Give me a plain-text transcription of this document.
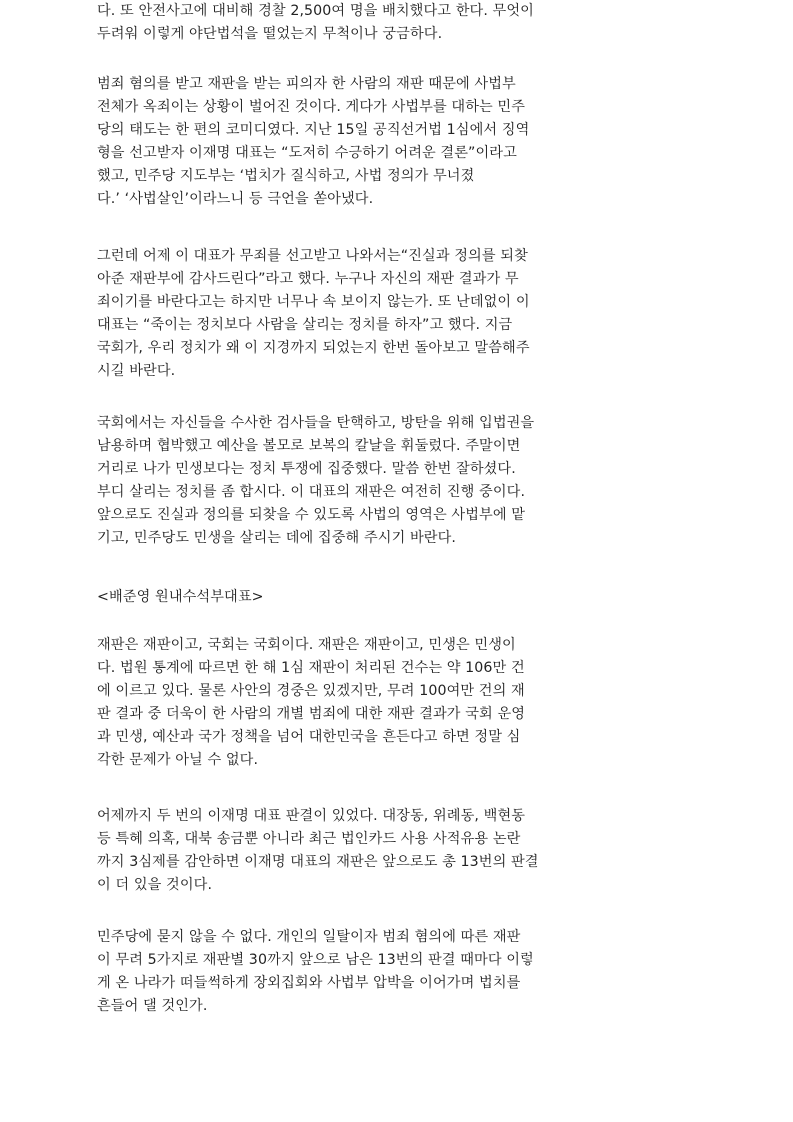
다. 또 안전사고에 대비해 경찰 2,500여 명을 배치했다고 한다. 무엇이
두려워 이렇게 야단법석을 떨었는지 무척이나 궁금하다.
범죄 혐의를 받고 재판을 받는 피의자 한 사람의 재판 때문에 사법부
전체가 옥죄이는 상황이 벌어진 것이다. 게다가 사법부를 대하는 민주
당의 태도는 한 편의 코미디였다. 지난 15일 공직선거법 1심에서 징역
형을 선고받자 이재명 대표는 “도저히 수긍하기 어려운 결론”이라고
했고, 민주당 지도부는 ‘법치가 질식하고, 사법 정의가 무너졌
다.’ ‘사법살인’이라느니 등 극언을 쏟아냈다.
그런데 어제 이 대표가 무죄를 선고받고 나와서는“진실과 정의를 되찾
아준 재판부에 감사드린다”라고 했다. 누구나 자신의 재판 결과가 무
죄이기를 바란다고는 하지만 너무나 속 보이지 않는가. 또 난데없이 이
대표는 “죽이는 정치보다 사람을 살리는 정치를 하자”고 했다. 지금
국회가, 우리 정치가 왜 이 지경까지 되었는지 한번 돌아보고 말씀해주
시길 바란다.
국회에서는 자신들을 수사한 검사들을 탄핵하고, 방탄을 위해 입법권을
남용하며 협박했고 예산을 볼모로 보복의 칼날을 휘둘렀다. 주말이면
거리로 나가 민생보다는 정치 투쟁에 집중했다. 말씀 한번 잘하셨다.
부디 살리는 정치를 좀 합시다. 이 대표의 재판은 여전히 진행 중이다.
앞으로도 진실과 정의를 되찾을 수 있도록 사법의 영역은 사법부에 맡
기고, 민주당도 민생을 살리는 데에 집중해 주시기 바란다.
<배준영 원내수석부대표>
재판은 재판이고, 국회는 국회이다. 재판은 재판이고, 민생은 민생이
다. 법원 통계에 따르면 한 해 1심 재판이 처리된 건수는 약 106만 건
에 이르고 있다. 물론 사안의 경중은 있겠지만, 무려 100여만 건의 재
판 결과 중 더욱이 한 사람의 개별 범죄에 대한 재판 결과가 국회 운영
과 민생, 예산과 국가 정책을 넘어 대한민국을 흔든다고 하면 정말 심
각한 문제가 아닐 수 없다.
어제까지 두 번의 이재명 대표 판결이 있었다. 대장동, 위례동, 백현동
등 특혜 의혹, 대북 송금뿐 아니라 최근 법인카드 사용 사적유용 논란
까지 3심제를 감안하면 이재명 대표의 재판은 앞으로도 총 13번의 판결
이 더 있을 것이다.
민주당에 묻지 않을 수 없다. 개인의 일탈이자 범죄 혐의에 따른 재판
이 무려 5가지로 재판별 30까지 앞으로 남은 13번의 판결 때마다 이렇
게 온 나라가 떠들썩하게 장외집회와 사법부 압박을 이어가며 법치를
흔들어 댈 것인가.
